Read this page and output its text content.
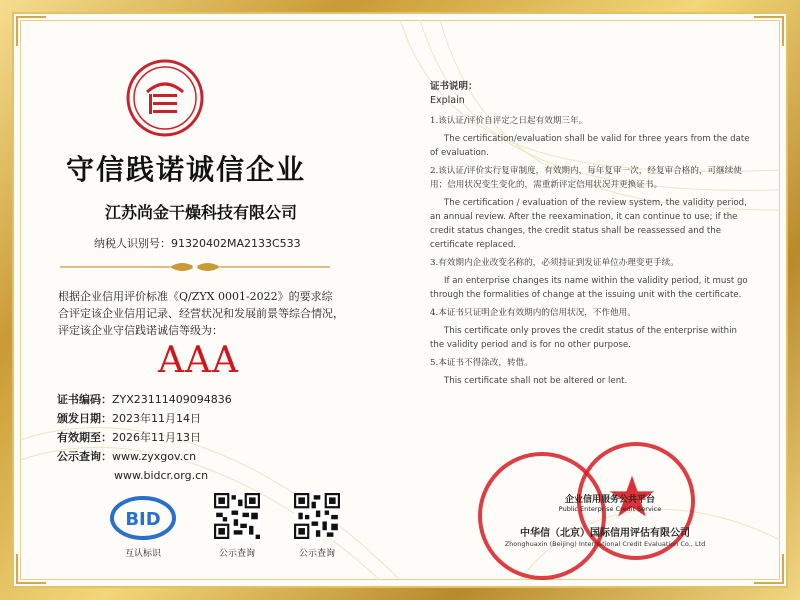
守信践诺诚信企业
江苏尚金干燥科技有限公司
纳税人识别号：91320402MA2133C533
根据企业信用评价标准《Q/ZYX 0001-2022》的要求综
合评定该企业信用记录、经营状况和发展前景等综合情况，
评定该企业守信践诺诚信等级为：
AAA
证书编码：ZYX23111409094836
颁发日期：2023年11月14日
有效期至：2026年11月13日
公示查询：www.zyxgov.cn
www.bidcr.org.cn
BID
互认标识	公示查询	公示查询
证书说明：
Explain

1.该认证/评价自评定之日起有效期三年。

The certification/evaluation shall be valid for three years from the date of evaluation.

2.该认证/评价实行复审制度，有效期内，每年复审一次，经复审合格的，可继续使用；信用状况变生变化的，需重新评定信用状况并更换证书。

The certification / evaluation of the review system, the validity period, an annual review. After the reexamination, it can continue to use; if the credit status changes, the credit status shall be reassessed and the certificate replaced.

3.有效期内企业改变名称的，必须持证到发证单位办理变更手续。

If an enterprise changes its name within the validity period, it must go through the formalities of change at the issuing unit with the certificate.

4.本证书只证明企业有效期内的信用状况，不作他用。

This certificate only proves the credit status of the enterprise within the validity period and is for no other purpose.

5.本证书不得涂改，转借。

This certificate shall not be altered or lent.

企业信用服务公共平台
Public Enterprise Credit Service
中华信（北京）国际信用评估有限公司
Zhonghuaxin (Beijing) International Credit Evaluation Co., Ltd
